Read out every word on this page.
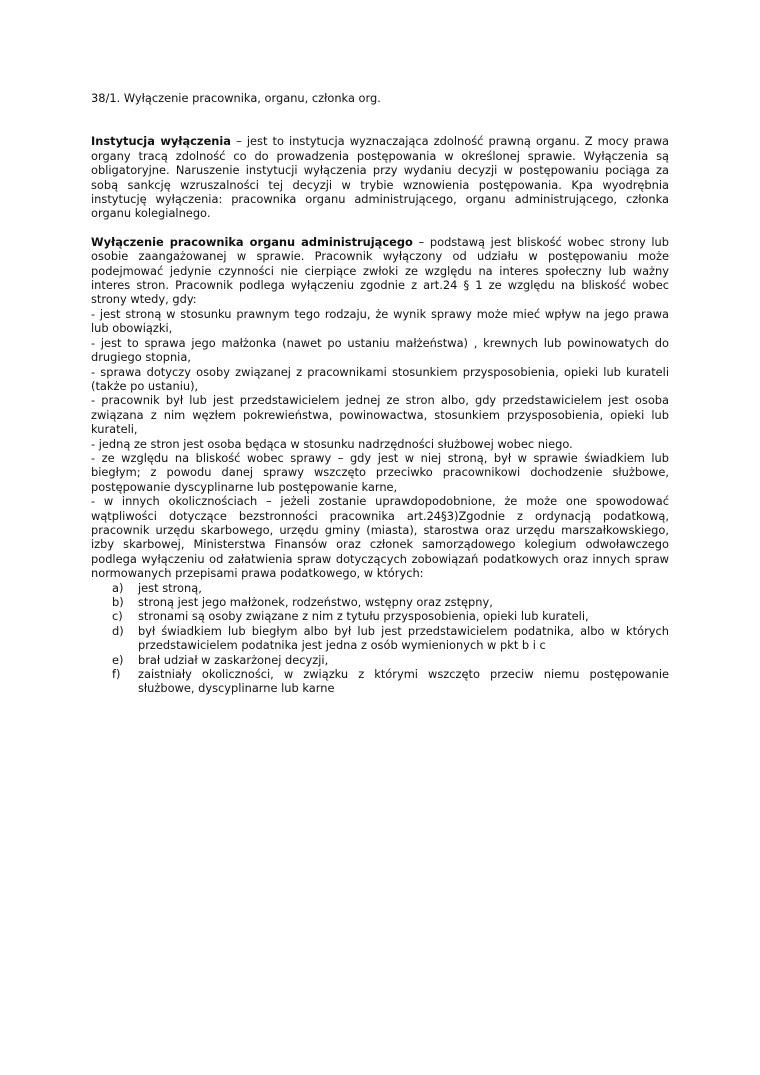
38/1. Wyłączenie pracownika, organu, członka org.

Instytucja wyłączenia – jest to instytucja wyznaczająca zdolność prawną organu. Z mocy prawa organy tracą zdolność co do prowadzenia postępowania w określonej sprawie. Wyłączenia są obligatoryjne. Naruszenie instytucji wyłączenia przy wydaniu decyzji w postępowaniu pociąga za sobą sankcję wzruszalności tej decyzji w trybie wznowienia postępowania. Kpa wyodrębnia instytucję wyłączenia: pracownika organu administrującego, organu administrującego, członka organu kolegialnego.

Wyłączenie pracownika organu administrującego – podstawą jest bliskość wobec strony lub osobie zaangażowanej w sprawie. Pracownik wyłączony od udziału w postępowaniu może podejmować jedynie czynności nie cierpiące zwłoki ze względu na interes społeczny lub ważny interes stron. Pracownik podlega wyłączeniu zgodnie z art.24 § 1 ze względu na bliskość wobec strony wtedy, gdy:

- jest stroną w stosunku prawnym tego rodzaju, że wynik sprawy może mieć wpływ na jego prawa lub obowiązki,

- jest to sprawa jego małżonka (nawet po ustaniu małżeństwa) , krewnych lub powinowatych do drugiego stopnia,

- sprawa dotyczy osoby związanej z pracownikami stosunkiem przysposobienia, opieki lub kurateli (także po ustaniu),

- pracownik był lub jest przedstawicielem jednej ze stron albo, gdy przedstawicielem jest osoba związana z nim węzłem pokrewieństwa, powinowactwa, stosunkiem przysposobienia, opieki lub kurateli,

- jedną ze stron jest osoba będąca w stosunku nadrzędności służbowej wobec niego.

- ze względu na bliskość wobec sprawy – gdy jest w niej stroną, był w sprawie świadkiem lub biegłym; z powodu danej sprawy wszczęto przeciwko pracownikowi dochodzenie służbowe, postępowanie dyscyplinarne lub postępowanie karne,

- w innych okolicznościach – jeżeli zostanie uprawdopodobnione, że może one spowodować wątpliwości dotyczące bezstronności pracownika art.24§3)Zgodnie z ordynacją podatkową, pracownik urzędu skarbowego, urzędu gminy (miasta), starostwa oraz urzędu marszałkowskiego, izby skarbowej, Ministerstwa Finansów oraz członek samorządowego kolegium odwoławczego podlega wyłączeniu od załatwienia spraw dotyczących zobowiązań podatkowych oraz innych spraw normowanych przepisami prawa podatkowego, w których:

a)	jest stroną,
b)	stroną jest jego małżonek, rodzeństwo, wstępny oraz zstępny,
c)	stronami są osoby związane z nim z tytułu przysposobienia, opieki lub kurateli,
d)	był świadkiem lub biegłym albo był lub jest przedstawicielem podatnika, albo w których przedstawicielem podatnika jest jedna z osób wymienionych w pkt b i c
e)	brał udział w zaskarżonej decyzji,
f)	zaistniały okoliczności, w związku z którymi wszczęto przeciw niemu postępowanie służbowe, dyscyplinarne lub karne
